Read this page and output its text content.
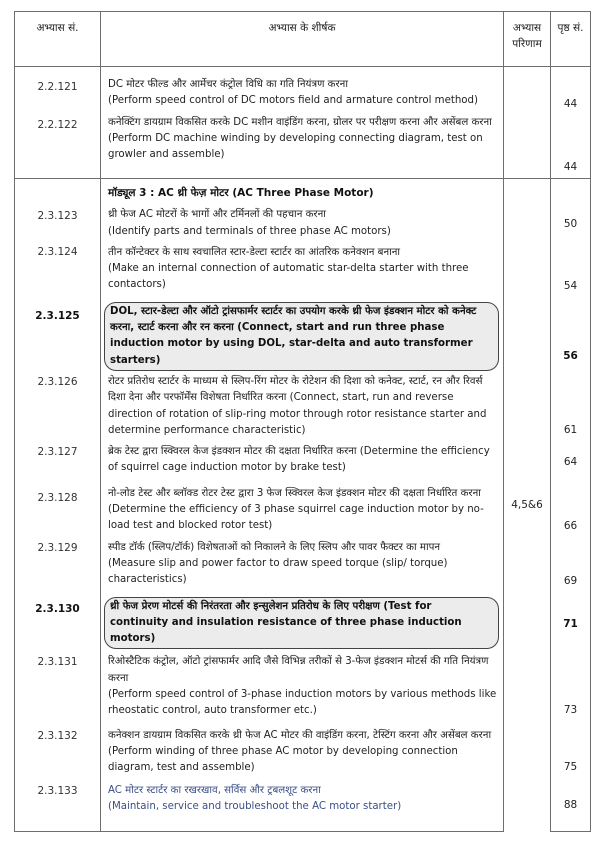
अभ्यास सं.	अभ्यास के शीर्षक	अभ्यास
परिणाम	पृष्ठ सं.
2.2.121	DC मोटर फील्ड और आर्मेचर कंट्रोल विधि का गति नियंत्रण करना
(Perform speed control of DC motors field and armature control method)		44
2.2.122	कनेक्टिंग डायग्राम विकसित करके DC मशीन वाइंडिंग करना, ग्रोलर पर परीक्षण करना और असेंबल करना (Perform DC machine winding by developing connecting diagram, test on growler and assemble)		44
	मॉड्यूल 3 : AC थ्री फेज़ मोटर (AC Three Phase Motor)	4,5&6	
2.3.123	थ्री फेज AC मोटरों के भागों और टर्मिनलों की पहचान करना
(Identify parts and terminals of three phase AC motors)		50
2.3.124	तीन कॉन्टेक्टर के साथ स्वचालित स्टार-डेल्टा स्टार्टर का आंतरिक कनेक्शन बनाना
(Make an internal connection of automatic star-delta starter with three contactors)		54
2.3.125	DOL, स्टार-डेल्टा और ऑटो ट्रांसफार्मर स्टार्टर का उपयोग करके थ्री फेज इंडक्शन मोटर को कनेक्ट करना, स्टार्ट करना और रन करना (Connect, start and run three phase induction motor by using DOL, star-delta and auto transformer starters)		56
2.3.126	रोटर प्रतिरोध स्टार्टर के माध्यम से स्लिप-रिंग मोटर के रोटेशन की दिशा को कनेक्ट, स्टार्ट, रन और रिवर्स दिशा देना और परफॉर्मेंस विशेषता निर्धारित करना (Connect, start, run and reverse direction of rotation of slip-ring motor through rotor resistance starter and determine performance characteristic)		61
2.3.127	ब्रेक टेस्ट द्वारा स्क्विरल केज इंडक्शन मोटर की दक्षता निर्धारित करना (Determine the efficiency of squirrel cage induction motor by brake test)		64
2.3.128	नो-लोड टेस्ट और ब्लॉक्ड रोटर टेस्ट द्वारा 3 फेज स्क्विरल केज इंडक्शन मोटर की दक्षता निर्धारित करना (Determine the efficiency of 3 phase squirrel cage induction motor by no-load test and blocked rotor test)		66
2.3.129	स्पीड टॉर्क (स्लिप/टॉर्क) विशेषताओं को निकालने के लिए स्लिप और पावर फैक्टर का मापन
(Measure slip and power factor to draw speed torque (slip/ torque) characteristics)		69
2.3.130	थ्री फेज प्रेरण मोटर्स की निरंतरता और इन्सुलेशन प्रतिरोध के लिए परीक्षण (Test for continuity and insulation resistance of three phase induction motors)		71
2.3.131	रिओस्टैटिक कंट्रोल, ऑटो ट्रांसफार्मर आदि जैसे विभिन्न तरीकों से 3-फेज इंडक्शन मोटर्स की गति नियंत्रण करना
(Perform speed control of 3-phase induction motors by various methods like rheostatic control, auto transformer etc.)		73
2.3.132	कनेक्शन डायग्राम विकसित करके थ्री फेज AC मोटर की वाइंडिंग करना, टेस्टिंग करना और असेंबल करना (Perform winding of three phase AC motor by developing connection diagram, test and assemble)		75
2.3.133	AC मोटर स्टार्टर का रखरखाव, सर्विस और ट्रबलशूट करना
(Maintain, service and troubleshoot the AC motor starter)		88
